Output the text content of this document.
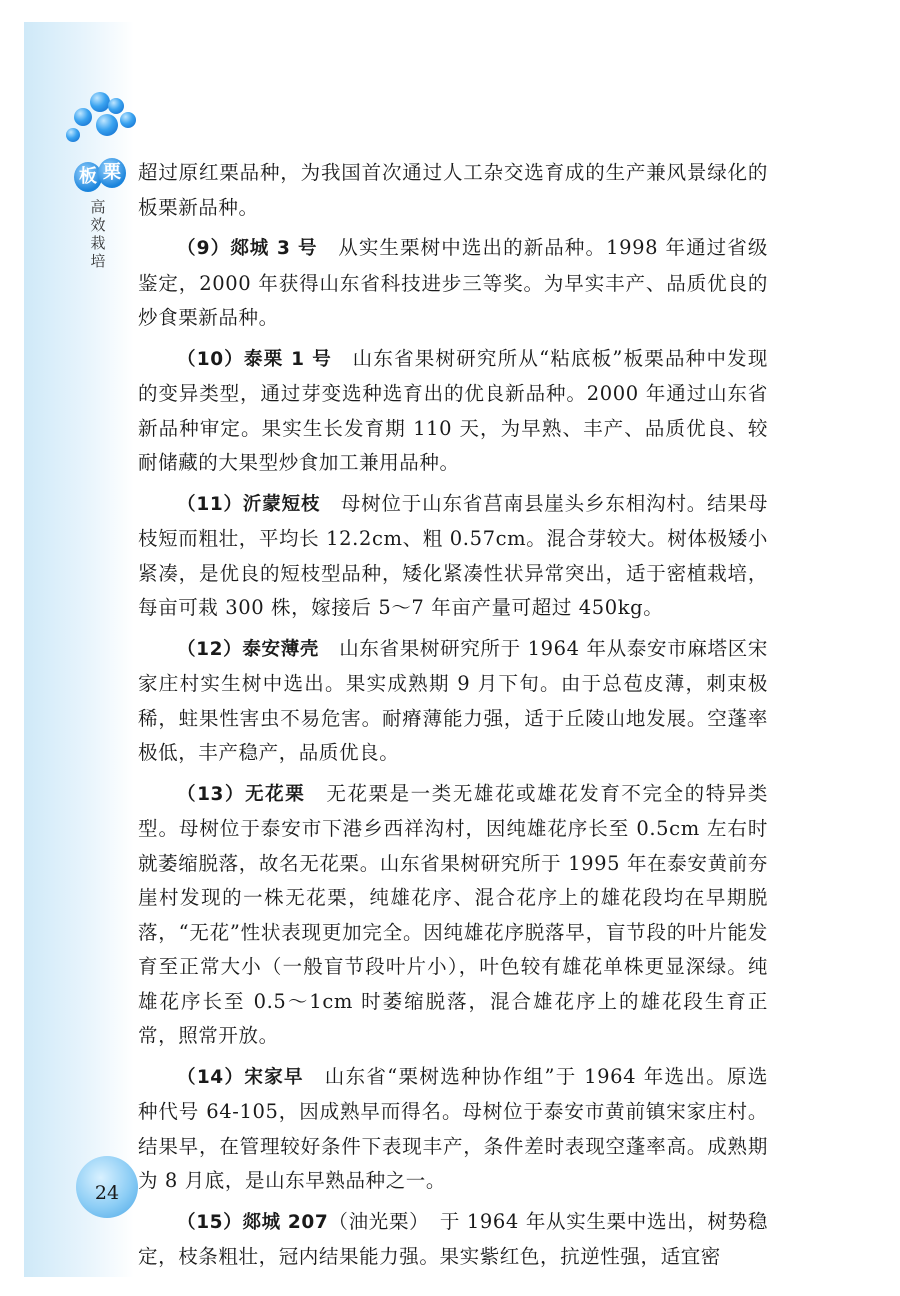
板 栗
高
效
栽
培

超过原红栗品种，为我国首次通过人工杂交选育成的生产兼风景绿化的板栗新品种。

（9）郯城 3 号　 从实生栗树中选出的新品种。1998 年通过省级鉴定，2000 年获得山东省科技进步三等奖。为早实丰产、品质优良的炒食栗新品种。

（10）泰栗 1 号　 山东省果树研究所从“粘底板”板栗品种中发现的变异类型，通过芽变选种选育出的优良新品种。2000 年通过山东省新品种审定。果实生长发育期 110 天，为早熟、丰产、品质优良、较耐储藏的大果型炒食加工兼用品种。

（11）沂蒙短枝　 母树位于山东省莒南县崖头乡东相沟村。结果母枝短而粗壮，平均长 12.2cm、粗 0.57cm。混合芽较大。树体极矮小紧凑，是优良的短枝型品种，矮化紧凑性状异常突出，适于密植栽培，每亩可栽 300 株，嫁接后 5～7 年亩产量可超过 450kg。

（12）泰安薄壳　 山东省果树研究所于 1964 年从泰安市麻塔区宋家庄村实生树中选出。果实成熟期 9 月下旬。由于总苞皮薄，刺束极稀，蛀果性害虫不易危害。耐瘠薄能力强，适于丘陵山地发展。空蓬率极低，丰产稳产，品质优良。

（13）无花栗　 无花栗是一类无雄花或雄花发育不完全的特异类型。母树位于泰安市下港乡西祥沟村，因纯雄花序长至 0.5cm 左右时就萎缩脱落，故名无花栗。山东省果树研究所于 1995 年在泰安黄前夯崖村发现的一株无花栗，纯雄花序、混合花序上的雄花段均在早期脱落，“无花”性状表现更加完全。因纯雄花序脱落早，盲节段的叶片能发育至正常大小（一般盲节段叶片小），叶色较有雄花单株更显深绿。纯雄花序长至 0.5～1cm 时萎缩脱落，混合雄花序上的雄花段生育正常，照常开放。

（14）宋家早　 山东省“栗树选种协作组”于 1964 年选出。原选种代号 64-105，因成熟早而得名。母树位于泰安市黄前镇宋家庄村。结果早，在管理较好条件下表现丰产，条件差时表现空蓬率高。成熟期为 8 月底，是山东早熟品种之一。

（15）郯城 207（油光栗）　 于 1964 年从实生栗中选出，树势稳定，枝条粗壮，冠内结果能力强。果实紫红色，抗逆性强，适宜密

24
